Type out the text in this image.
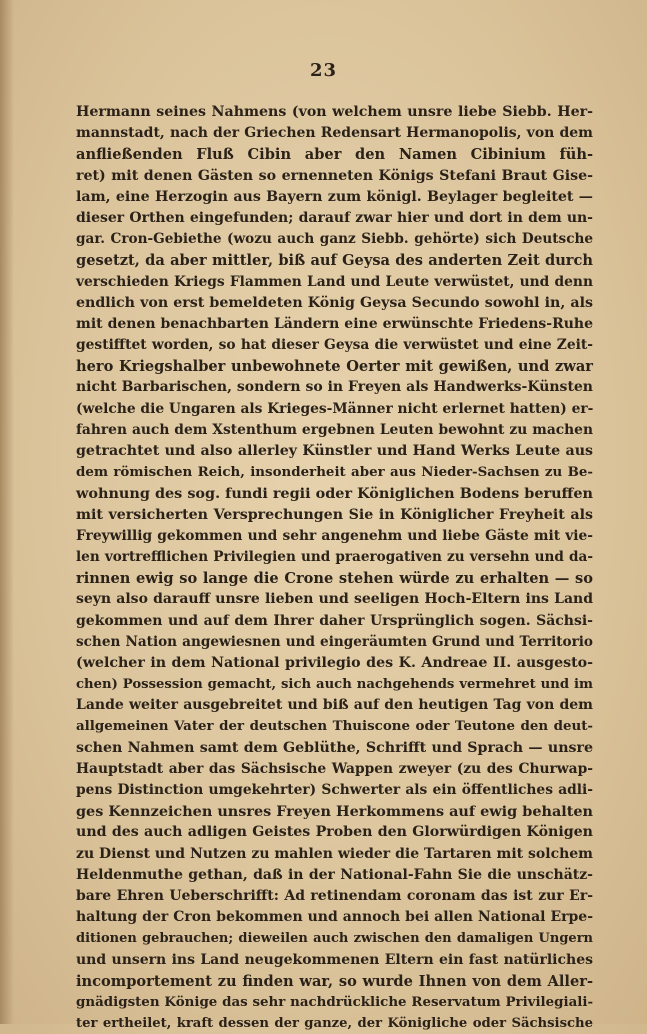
23
Hermann seines Nahmens (von welchem unsre liebe Siebb. Her-
mannstadt, nach der Griechen Redensart Hermanopolis, von dem
anfließenden Fluß Cibin aber den Namen Cibinium füh-
ret) mit denen Gästen so ernenneten Königs Stefani Braut Gise-
lam, eine Herzogin aus Bayern zum königl. Beylager begleitet —
dieser Orthen eingefunden; darauf zwar hier und dort in dem un-
gar. Cron-Gebiethe (wozu auch ganz Siebb. gehörte) sich Deutsche
gesetzt, da aber mittler, biß auf Geysa des anderten Zeit durch
verschieden Kriegs Flammen Land und Leute verwüstet, und denn
endlich von erst bemeldeten König Geysa Secundo sowohl in, als
mit denen benachbarten Ländern eine erwünschte Friedens-Ruhe
gestifftet worden, so hat dieser Geysa die verwüstet und eine Zeit-
hero Kriegshalber unbewohnete Oerter mit gewißen, und zwar
nicht Barbarischen, sondern so in Freyen als Handwerks-Künsten
(welche die Ungaren als Krieges-Männer nicht erlernet hatten) er-
fahren auch dem Xstenthum ergebnen Leuten bewohnt zu machen
getrachtet und also allerley Künstler und Hand Werks Leute aus
dem römischen Reich, insonderheit aber aus Nieder-Sachsen zu Be-
wohnung des sog. fundi regii oder Königlichen Bodens beruffen
mit versicherten Versprechungen Sie in Königlicher Freyheit als
Freywillig gekommen und sehr angenehm und liebe Gäste mit vie-
len vortrefflichen Privilegien und praerogativen zu versehn und da-
rinnen ewig so lange die Crone stehen würde zu erhalten — so
seyn also darauff unsre lieben und seeligen Hoch-Eltern ins Land
gekommen und auf dem Ihrer daher Ursprünglich sogen. Sächsi-
schen Nation angewiesnen und eingeräumten Grund und Territorio
(welcher in dem National privilegio des K. Andreae II. ausgesto-
chen) Possession gemacht, sich auch nachgehends vermehret und im
Lande weiter ausgebreitet und biß auf den heutigen Tag von dem
allgemeinen Vater der deutschen Thuiscone oder Teutone den deut-
schen Nahmen samt dem Geblüthe, Schrifft und Sprach — unsre
Hauptstadt aber das Sächsische Wappen zweyer (zu des Churwap-
pens Distinction umgekehrter) Schwerter als ein öffentliches adli-
ges Kennzeichen unsres Freyen Herkommens auf ewig behalten
und des auch adligen Geistes Proben den Glorwürdigen Königen
zu Dienst und Nutzen zu mahlen wieder die Tartaren mit solchem
Heldenmuthe gethan, daß in der National-Fahn Sie die unschätz-
bare Ehren Ueberschrifft: Ad retinendam coronam das ist zur Er-
haltung der Cron bekommen und annoch bei allen National Erpe-
ditionen gebrauchen; dieweilen auch zwischen den damaligen Ungern
und unsern ins Land neugekommenen Eltern ein fast natürliches
incomportement zu finden war, so wurde Ihnen von dem Aller-
gnädigsten Könige das sehr nachdrückliche Reservatum Privilegiali-
ter ertheilet, kraft dessen der ganze, der Königliche oder Sächsische
